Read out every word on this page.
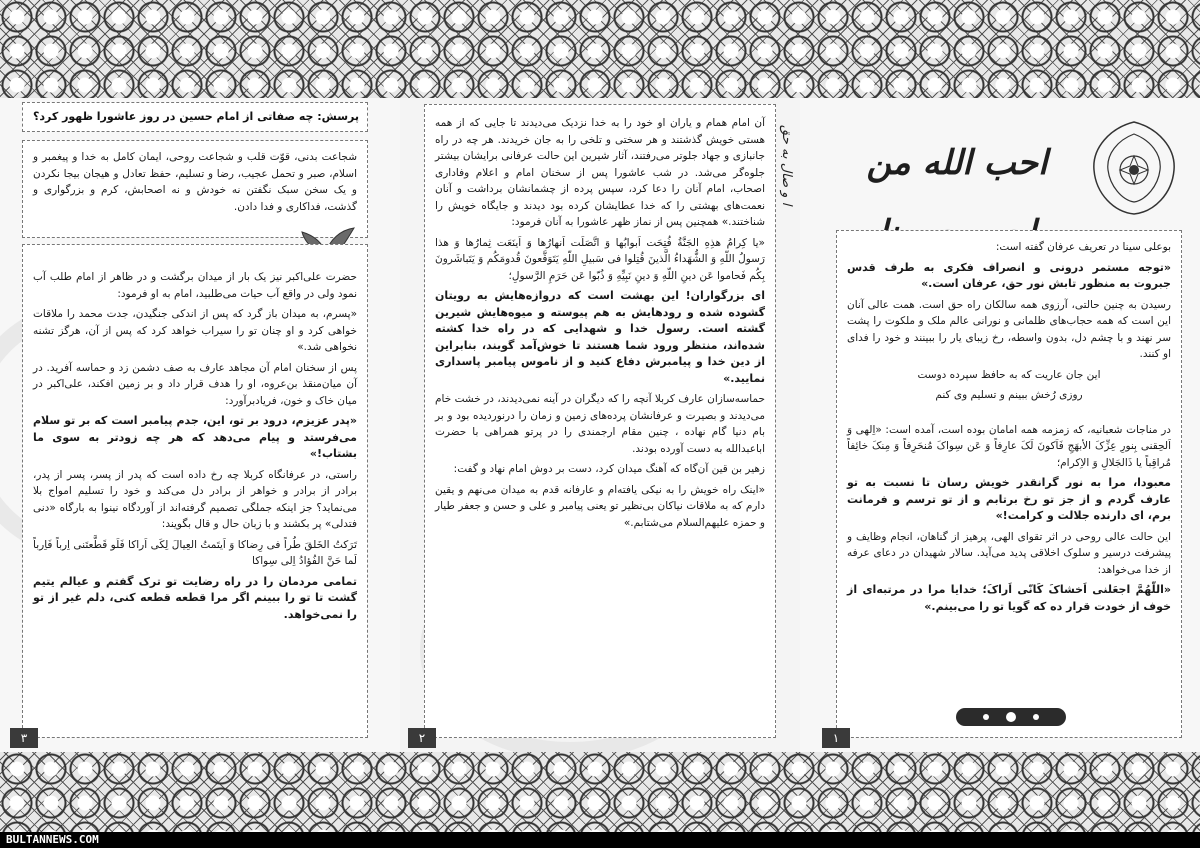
BULTANNEWS.COM
احب الله من
ا و صال به حق

بوعلی سینا در تعریف عرفان گفته است:

«توجه مستمر درونی و انصراف فکری به طرف قدس جبروت به منظور تابش نور حق، عرفان است.»

رسیدن به چنین حالتی، آرزوی همه سالکان راه حق است. همت عالی آنان این است که همه حجاب‌های ظلمانی و نورانی عالم ملک و ملکوت را پشت سر نهند و با چشم دل، بدون واسطه، رخ زیبای یار را ببینند و خود را فدای او کنند.

این جان عاریت که به حافظ سپرده دوست

روزی رُخش ببینم و تسلیم وی کنم

در مناجات شعبانیه، که زمزمه همه امامان بوده است، آمده است: «اِلهی وَ اَلحِقنی بِنورِ عِزِّکَ الأبهَجِ فَاَکونَ لَکَ عارِفاً وَ عَن سِواکَ مُنحَرِفاً وَ مِنکَ خائِفاً مُراقِباً یا ذَالجَلالِ وَ الاِکرام؛

معبودا، مرا به نور گرانقدر خویش رسان تا نسبت به تو عارف گردم و از جز تو رخ برتابم و از تو ترسم و فرمانت برم، ای دارنده جلالت و کرامت!»

این حالت عالی روحی در اثر تقوای الهی، پرهیز از گناهان، انجام وظایف و پیشرفت درسیر و سلوک اخلاقی پدید می‌آید. سالار شهیدان در دعای عرفه از خدا می‌خواهد:

«اللّهُمَّ اجعَلنی اَخشاکَ کَانّی اَراکَ؛ خدایا مرا در مرتبه‌ای از خوف از خودت قرار ده که گویا تو را می‌بینم.»

۱

آن امام همام و یاران او خود را به خدا نزدیک می‌دیدند تا جایی که از همه هستی خویش گذشتند و هر سختی و تلخی را به جان خریدند. هر چه در راه جانبازی و جهاد جلوتر می‌رفتند، آثار شیرین این حالت عرفانی برایشان بیشتر جلوه‌گر می‌شد. در شب عاشورا پس از سخنان امام و اعلام وفاداری اصحاب، امام آنان را دعا کرد، سپس پرده از چشمانشان برداشت و آنان نعمت‌های بهشتی را که خدا عطایشان کرده بود دیدند و جایگاه خویش را شناختند.» همچنین پس از نماز ظهر عاشورا به آنان فرمود:

«یا کِرامُ هذِهِ الجَنَّةُ فُتِحَت اَبوابُها وَ اتَّصَلَت اَنهارُها وَ اَینَعَت ثِمارُها وَ هذا رَسولُ اللّهِ وَ الشُّهَداءُ الَّذینَ قُتِلوا فی سَبیلِ اللّهِ یَتَوَقَّعونَ قُدومَکُم وَ یَتَباشَرونَ بِکُم فَحاموا عَن دینِ اللّهِ وَ دینِ نَبِیِّهِ وَ ذُبّوا عَن حَرَمِ الرَّسولِ؛

ای بزرگواران! این بهشت است که دروازه‌هایش به رویتان گشوده شده و رودهایش به هم پیوسته و میوه‌هایش شیرین گشته است. رسول خدا و شهدایی که در راه خدا کشته شده‌اند، منتظر ورود شما هستند تا خوش‌آمد گویند، بنابراین از دین خدا و پیامبرش دفاع کنید و از ناموس پیامبر پاسداری نمایید.»

حماسه‌سازان عارف کربلا آنچه را که دیگران در آینه نمی‌دیدند، در خشت خام می‌دیدند و بصیرت و عرفانشان پرده‌های زمین و زمان را درنوردیده بود و بر بام دنیا گام نهاده ، چنین مقام ارجمندی را در پرتو همراهی با حضرت اباعبدالله به دست آورده بودند.

زهیر بن قین آن‌گاه که آهنگ میدان کرد، دست بر دوش امام نهاد و گفت:

«اینک راه خویش را به نیکی یافته‌ام و عارفانه قدم به میدان می‌نهم و یقین دارم که به ملاقات نیاکان بی‌نظیر تو یعنی پیامبر و علی و حسن و جعفر طیار و حمزه علیهم‌السلام می‌شتابم.»

۲
پرسش: چه صفاتی از امام حسین در روز عاشورا ظهور کرد؟

شجاعت بدنی، قوّت قلب و شجاعت روحی، ایمان کامل به خدا و پیغمبر و اسلام، صبر و تحمل عجیب، رضا و تسلیم، حفظ تعادل و هیجان بیجا نکردن و یک سخن سبک نگفتن نه خودش و نه اصحابش، کرم و بزرگواری و گذشت، فداکاری و فدا دادن.

حضرت علی‌اکبر نیز یک بار از میدان برگشت و در ظاهر از امام طلب آب نمود ولی در واقع آب حیات می‌طلبید، امام به او فرمود:

«پسرم، به میدان باز گرد که پس از اندکی جنگیدن، جدت محمد را ملاقات خواهی کرد و او چنان تو را سیراب خواهد کرد که پس از آن، هرگز تشنه نخواهی شد.»

پس از سخنان امام آن مجاهد عارف به صف دشمن زد و حماسه آفرید. در آن میان‌منقذ بن‌عروه، او را هدف قرار داد و بر زمین افکند، علی‌اکبر در میان خاک و خون، فریادبرآورد:

«پدر عزیزم، درود بر تو، این، جدم پیامبر است که بر تو سلام می‌فرستد و پیام می‌دهد که هر چه زودتر به سوی ما بشتاب!»

راستی، در عرفانگاه کربلا چه رخ داده است که پدر از پسر، پسر از پدر، برادر از برادر و خواهر از برادر دل می‌کند و خود را تسلیم امواج بلا می‌نماید؟ جز اینکه جملگی تصمیم گرفته‌اند از آوردگاه نینوا به بارگاه «دنی فتدلی» پر بکشند و با زبان حال و قال بگویند:

تَرَکتُ الخَلقَ طُراً فی رِضاکا وَ اَیتَمتُ العِیالَ لِکَی اَراکا فَلَو قَطَّعتَنی اِرباً فَاِرباً لَما حَنَّ الفُؤادُ اِلی سِواکا

تمامی مردمان را در راه رضایت تو ترک گفتم و عیالم یتیم گشت تا تو را ببینم اگر مرا قطعه قطعه کنی، دلم غیر از تو را نمی‌خواهد.

۳
